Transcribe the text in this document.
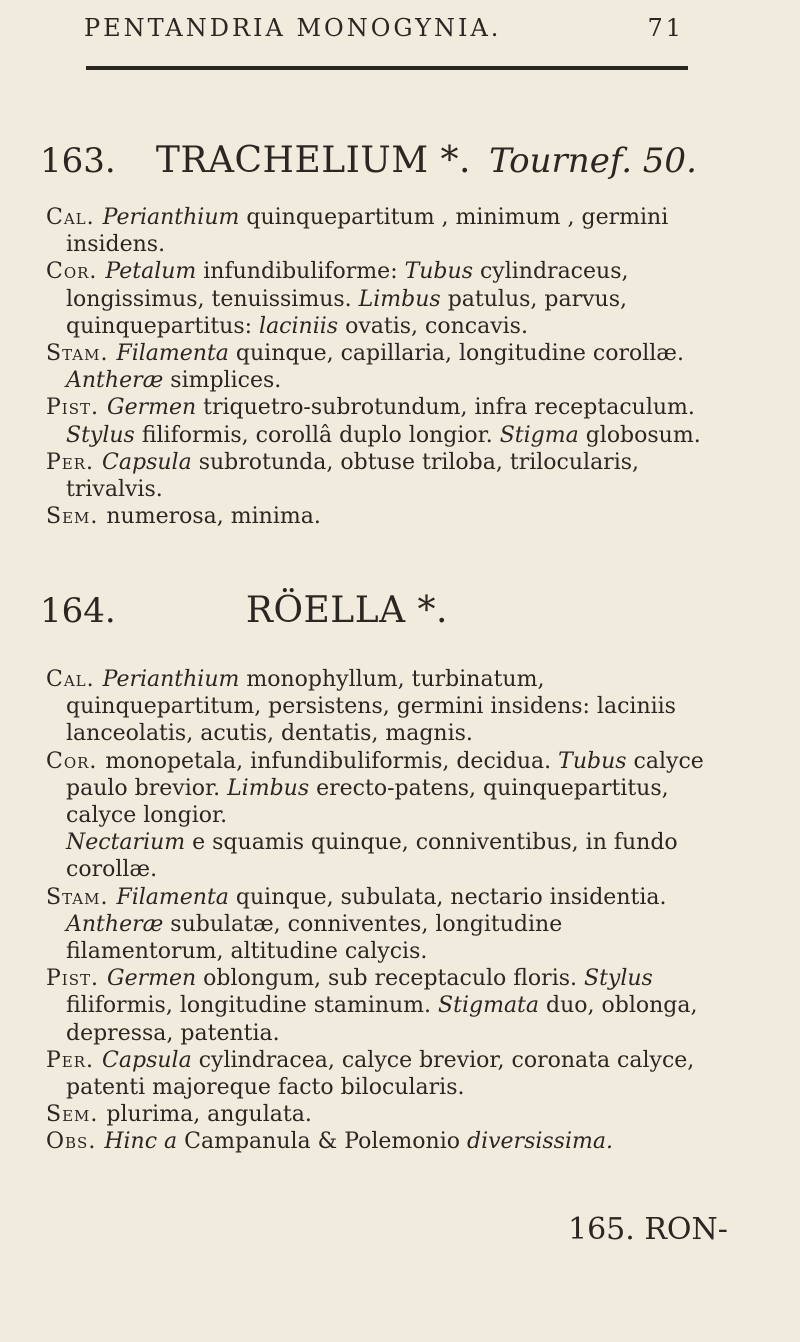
PENTANDRIA MONOGYNIA.	71
163. TRACHELIUM *. Tournef. 50.

Cal. Perianthium quinquepartitum , minimum , germini insidens.

Cor. Petalum infundibuliforme: Tubus cylindraceus, longissimus, tenuissimus. Limbus patulus, parvus, quinquepartitus: laciniis ovatis, concavis.

Stam. Filamenta quinque, capillaria, longitudine corollæ. Antheræ simplices.

Pist. Germen triquetro-subrotundum, infra receptaculum. Stylus filiformis, corollâ duplo longior. Stigma globosum.

Per. Capsula subrotunda, obtuse triloba, trilocularis, trivalvis.

Sem. numerosa, minima.

164.	RÖELLA *.

Cal. Perianthium monophyllum, turbinatum, quinquepartitum, persistens, germini insidens: laciniis lanceolatis, acutis, dentatis, magnis.

Cor. monopetala, infundibuliformis, decidua. Tubus calyce paulo brevior. Limbus erecto-patens, quinquepartitus, calyce longior.

Nectarium e squamis quinque, conniventibus, in fundo corollæ.

Stam. Filamenta quinque, subulata, nectario insidentia. Antheræ subulatæ, conniventes, longitudine filamentorum, altitudine calycis.

Pist. Germen oblongum, sub receptaculo floris. Stylus filiformis, longitudine staminum. Stigmata duo, oblonga, depressa, patentia.

Per. Capsula cylindracea, calyce brevior, coronata calyce, patenti majoreque facto bilocularis.

Sem. plurima, angulata.

Obs. Hinc a Campanula & Polemonio diversissima.

165. RON-
